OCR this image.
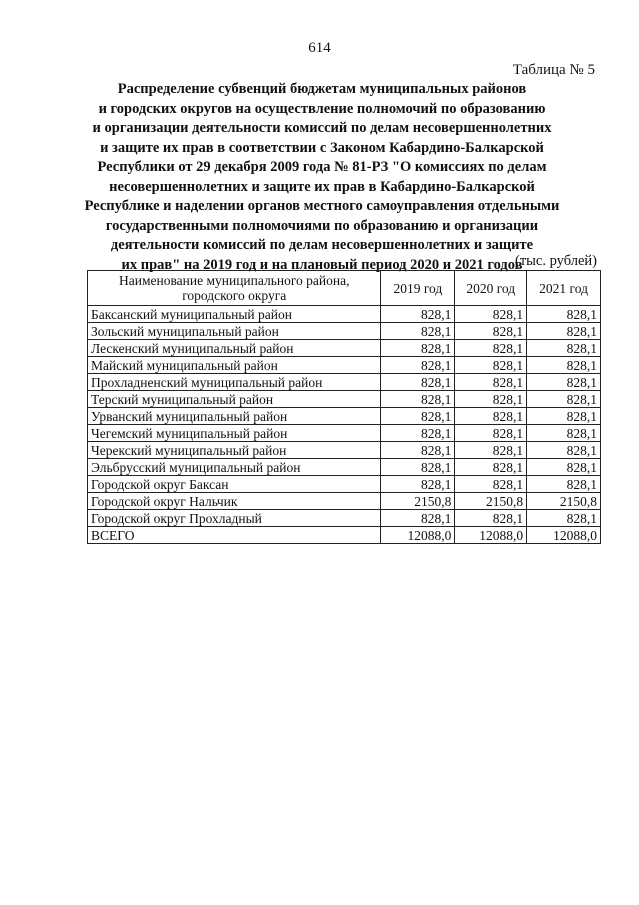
614
Таблица № 5
Распределение субвенций бюджетам муниципальных районов
и городских округов на осуществление полномочий по образованию
и организации деятельности комиссий по делам несовершеннолетних
и защите их прав в соответствии с Законом Кабардино-Балкарской
Республики от 29 декабря 2009 года № 81-РЗ "О комиссиях по делам
несовершеннолетних и защите их прав в Кабардино-Балкарской
Республике и наделении органов местного самоуправления отдельными
государственными полномочиями по образованию и организации
деятельности комиссий по делам несовершеннолетних и защите
их прав" на 2019 год и на плановый период 2020 и 2021 годов
(тыс. рублей)
Наименование муниципального района,
городского округа	2019 год	2020 год	2021 год
Баксанский муниципальный район	828,1	828,1	828,1
Зольский муниципальный район	828,1	828,1	828,1
Лескенский муниципальный район	828,1	828,1	828,1
Майский муниципальный район	828,1	828,1	828,1
Прохладненский муниципальный район	828,1	828,1	828,1
Терский муниципальный район	828,1	828,1	828,1
Урванский муниципальный район	828,1	828,1	828,1
Чегемский муниципальный район	828,1	828,1	828,1
Черекский муниципальный район	828,1	828,1	828,1
Эльбрусский муниципальный район	828,1	828,1	828,1
Городской округ Баксан	828,1	828,1	828,1
Городской округ Нальчик	2150,8	2150,8	2150,8
Городской округ Прохладный	828,1	828,1	828,1
ВСЕГО	12088,0	12088,0	12088,0
